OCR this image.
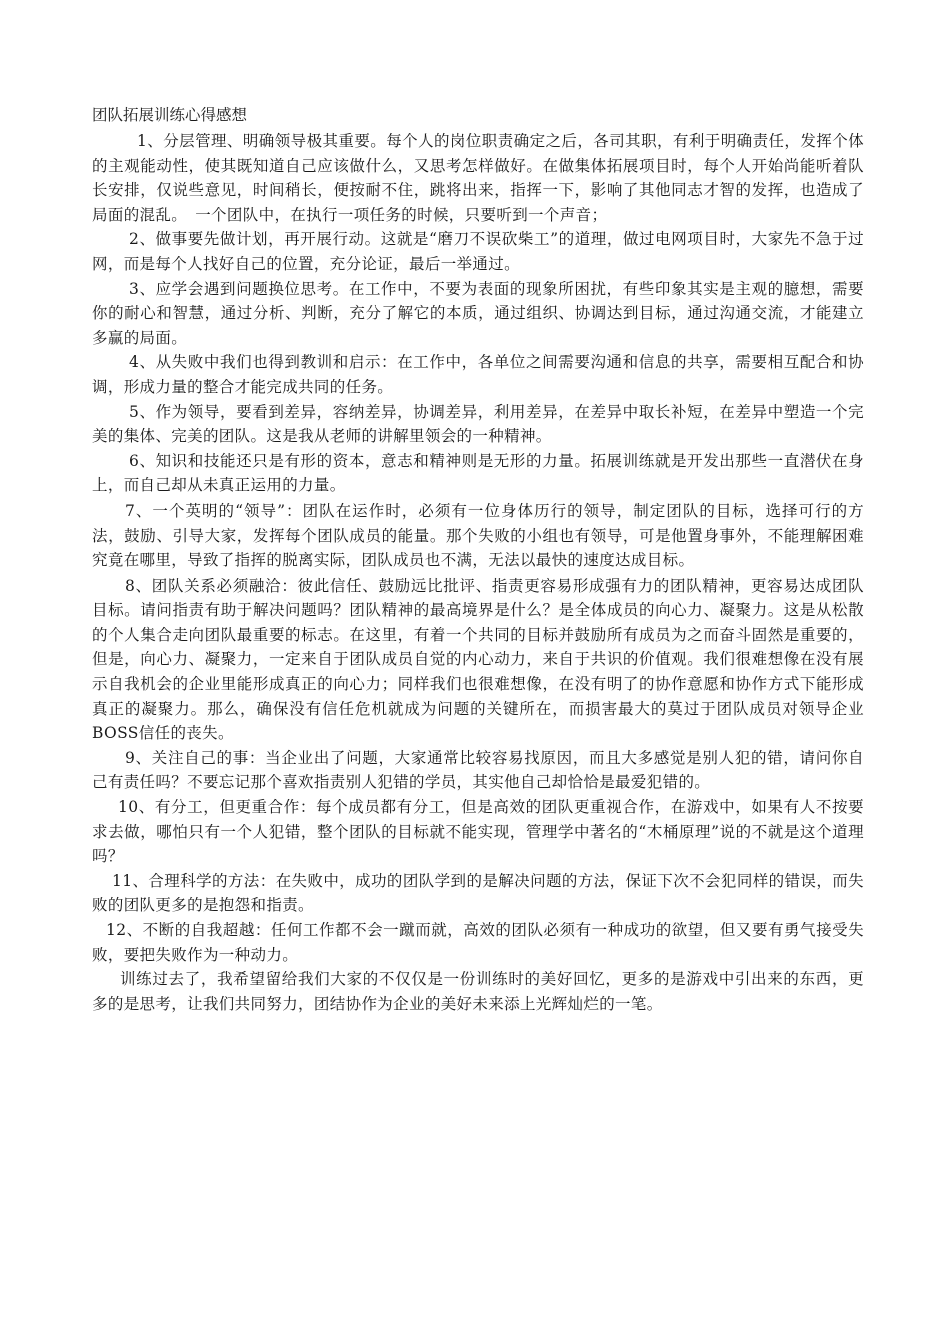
团队拓展训练心得感想

1、分层管理、明确领导极其重要。每个人的岗位职责确定之后，各司其职，有利于明确责任，发挥个体的主观能动性，使其既知道自己应该做什么，又思考怎样做好。在做集体拓展项目时，每个人开始尚能听着队长安排，仅说些意见，时间稍长，便按耐不住，跳将出来，指挥一下，影响了其他同志才智的发挥，也造成了局面的混乱。　一个团队中，在执行一项任务的时候，只要听到一个声音；

2、做事要先做计划，再开展行动。这就是“磨刀不误砍柴工”的道理，做过电网项目时，大家先不急于过网，而是每个人找好自己的位置，充分论证，最后一举通过。

3、应学会遇到问题换位思考。在工作中，不要为表面的现象所困扰，有些印象其实是主观的臆想，需要你的耐心和智慧，通过分析、判断，充分了解它的本质，通过组织、协调达到目标，通过沟通交流，才能建立多赢的局面。

4、从失败中我们也得到教训和启示：在工作中，各单位之间需要沟通和信息的共享，需要相互配合和协调，形成力量的整合才能完成共同的任务。

5、作为领导，要看到差异，容纳差异，协调差异，利用差异，在差异中取长补短，在差异中塑造一个完美的集体、完美的团队。这是我从老师的讲解里领会的一种精神。

6、知识和技能还只是有形的资本，意志和精神则是无形的力量。拓展训练就是开发出那些一直潜伏在身上，而自己却从未真正运用的力量。

7、一个英明的“领导”：团队在运作时，必须有一位身体历行的领导，制定团队的目标，选择可行的方法，鼓励、引导大家，发挥每个团队成员的能量。那个失败的小组也有领导，可是他置身事外，不能理解困难究竟在哪里，导致了指挥的脱离实际，团队成员也不满，无法以最快的速度达成目标。

8、团队关系必须融洽：彼此信任、鼓励远比批评、指责更容易形成强有力的团队精神，更容易达成团队目标。请问指责有助于解决问题吗？团队精神的最高境界是什么？是全体成员的向心力、凝聚力。这是从松散的个人集合走向团队最重要的标志。在这里，有着一个共同的目标并鼓励所有成员为之而奋斗固然是重要的，但是，向心力、凝聚力，一定来自于团队成员自觉的内心动力，来自于共识的价值观。我们很难想像在没有展示自我机会的企业里能形成真正的向心力；同样我们也很难想像，在没有明了的协作意愿和协作方式下能形成真正的凝聚力。那么，确保没有信任危机就成为问题的关键所在，而损害最大的莫过于团队成员对领导企业BOSS信任的丧失。

9、关注自己的事：当企业出了问题，大家通常比较容易找原因，而且大多感觉是别人犯的错，请问你自己有责任吗？不要忘记那个喜欢指责别人犯错的学员，其实他自己却恰恰是最爱犯错的。

10、有分工，但更重合作：每个成员都有分工，但是高效的团队更重视合作，在游戏中，如果有人不按要求去做，哪怕只有一个人犯错，整个团队的目标就不能实现，管理学中著名的“木桶原理”说的不就是这个道理吗？

11、合理科学的方法：在失败中，成功的团队学到的是解决问题的方法，保证下次不会犯同样的错误，而失败的团队更多的是抱怨和指责。

12、不断的自我超越：任何工作都不会一蹴而就，高效的团队必须有一种成功的欲望，但又要有勇气接受失败，要把失败作为一种动力。

训练过去了，我希望留给我们大家的不仅仅是一份训练时的美好回忆，更多的是游戏中引出来的东西，更多的是思考，让我们共同努力，团结协作为企业的美好未来添上光辉灿烂的一笔。
